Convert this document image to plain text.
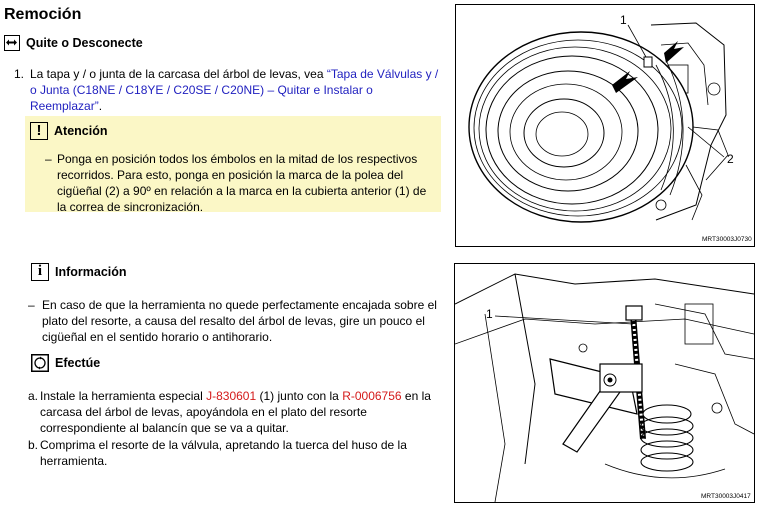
Remoción
Quite o Desconecte
1. La tapa y / o junta de la carcasa del árbol de levas, vea “Tapa de Válvulas y / o Junta (C18NE / C18YE / C20SE / C20NE) – Quitar e Instalar o Reemplazar”.
!	Atención
– Ponga en posición todos los émbolos en la mitad de los respectivos recorridos. Para esto, ponga en posición la marca de la polea del cigüeñal (2) a 90º en relación a la marca en la cubierta anterior (1) de la correa de sincronización.
i	Información
– En caso de que la herramienta no quede perfectamente encajada sobre el plato del resorte, a causa del resalto del árbol de levas, gire un pouco el cigüeñal en el sentido horario o antihorario.
Efectúe
a. Instale la herramienta especial J-830601 (1) junto con la R-0006756 en la carcasa del árbol de levas, apoyándola en el plato del resorte correspondiente al balancín que se va a quitar.
b. Comprima el resorte de la válvula, apretando la tuerca del huso de la herramienta.
1
2
MRT30003J0730
1
MRT30003J0417
